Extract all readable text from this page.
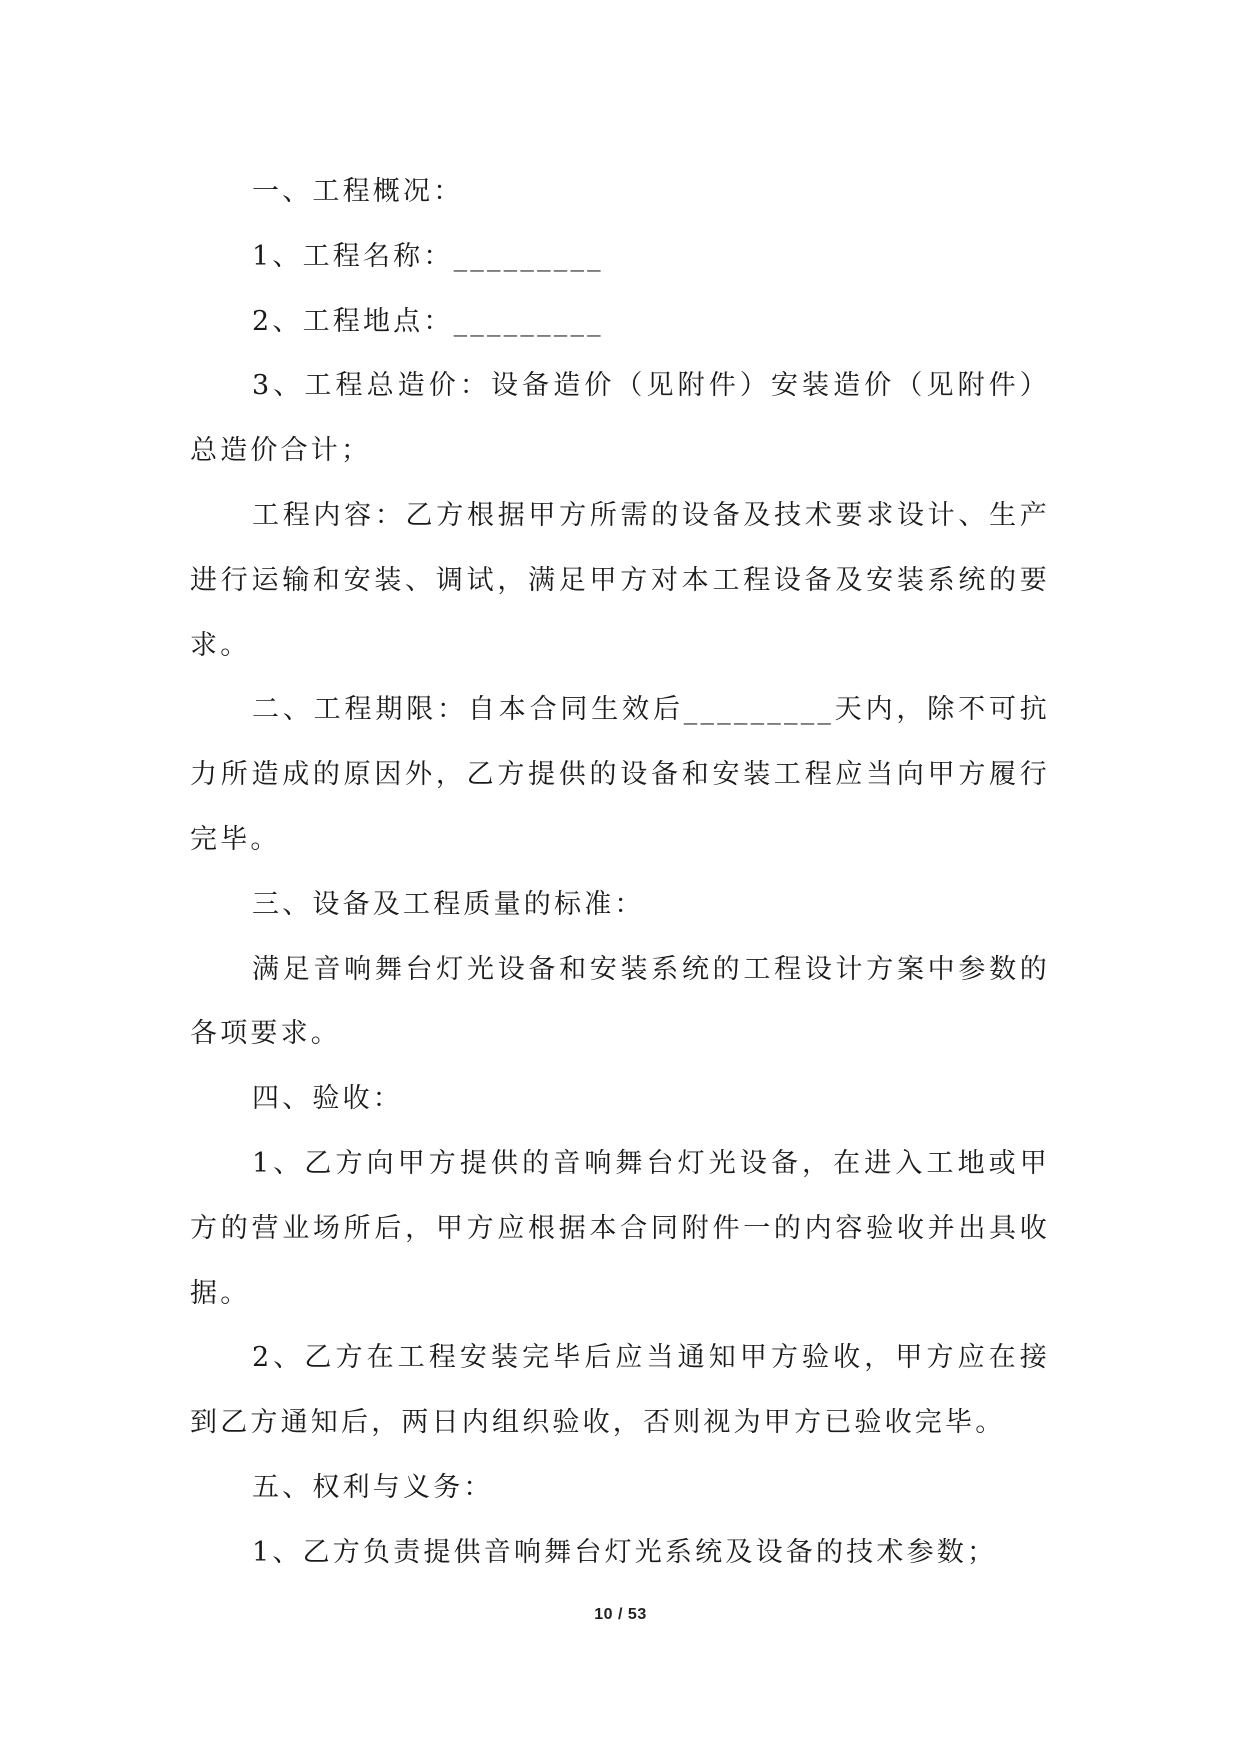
一、工程概况：

1、工程名称：_________

2、工程地点：_________

3、工程总造价：设备造价（见附件）安装造价（见附件）总造价合计；

工程内容：乙方根据甲方所需的设备及技术要求设计、生产进行运输和安装、调试，满足甲方对本工程设备及安装系统的要求。

二、工程期限：自本合同生效后_________天内，除不可抗力所造成的原因外，乙方提供的设备和安装工程应当向甲方履行完毕。

三、设备及工程质量的标准：

满足音响舞台灯光设备和安装系统的工程设计方案中参数的各项要求。

四、验收：

1、乙方向甲方提供的音响舞台灯光设备，在进入工地或甲方的营业场所后，甲方应根据本合同附件一的内容验收并出具收据。

2、乙方在工程安装完毕后应当通知甲方验收，甲方应在接到乙方通知后，两日内组织验收，否则视为甲方已验收完毕。

五、权利与义务：

1、乙方负责提供音响舞台灯光系统及设备的技术参数；

10 / 53
